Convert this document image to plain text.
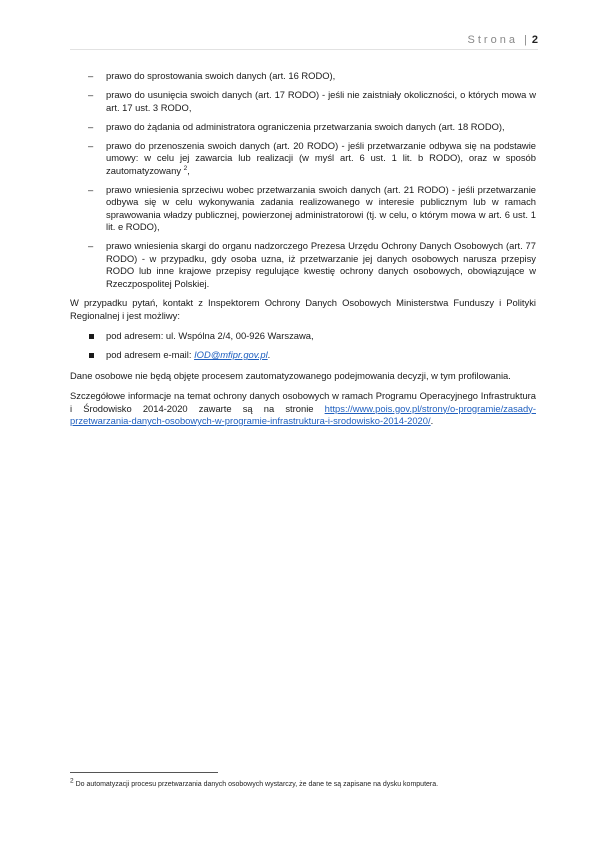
Strona | 2
– prawo do sprostowania swoich danych (art. 16 RODO),
– prawo do usunięcia swoich danych (art. 17 RODO) - jeśli nie zaistniały okoliczności, o których mowa w art. 17 ust. 3 RODO,
– prawo do żądania od administratora ograniczenia przetwarzania swoich danych (art. 18 RODO),
– prawo do przenoszenia swoich danych (art. 20 RODO) - jeśli przetwarzanie odbywa się na podstawie umowy: w celu jej zawarcia lub realizacji (w myśl art. 6 ust. 1 lit. b RODO), oraz w sposób zautomatyzowany $^2$,
– prawo wniesienia sprzeciwu wobec przetwarzania swoich danych (art. 21 RODO) - jeśli przetwarzanie odbywa się w celu wykonywania zadania realizowanego w interesie publicznym lub w ramach sprawowania władzy publicznej, powierzonej administratorowi (tj. w celu, o którym mowa w art. 6 ust. 1 lit. e RODO),
– prawo wniesienia skargi do organu nadzorczego Prezesa Urzędu Ochrony Danych Osobowych (art. 77 RODO) - w przypadku, gdy osoba uzna, iż przetwarzanie jej danych osobowych narusza przepisy RODO lub inne krajowe przepisy regulujące kwestię ochrony danych osobowych, obowiązujące w Rzeczpospolitej Polskiej.

W przypadku pytań, kontakt z Inspektorem Ochrony Danych Osobowych Ministerstwa Funduszy i Polityki Regionalnej i jest możliwy:

pod adresem: ul. Wspólna 2/4, 00-926 Warszawa,
pod adresem e-mail: IOD@mfipr.gov.pl.

Dane osobowe nie będą objęte procesem zautomatyzowanego podejmowania decyzji, w tym profilowania.

Szczegółowe informacje na temat ochrony danych osobowych w ramach Programu Operacyjnego Infrastruktura i Środowisko 2014-2020 zawarte są na stronie https://www.pois.gov.pl/strony/o-programie/zasady-przetwarzania-danych-osobowych-w-programie-infrastruktura-i-srodowisko-2014-2020/.

$^2$ Do automatyzacji procesu przetwarzania danych osobowych wystarczy, że dane te są zapisane na dysku komputera.
